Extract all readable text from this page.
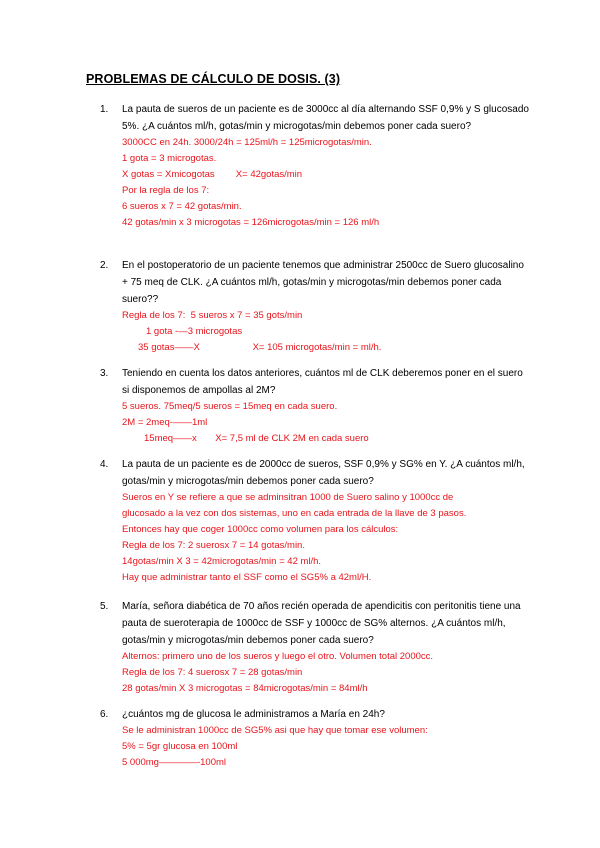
PROBLEMAS DE CÁLCULO DE DOSIS. (3)
1.	La pauta de sueros de un paciente es de 3000cc al día alternando SSF 0,9% y S glucosado 5%. ¿A cuántos ml/h, gotas/min y microgotas/min debemos poner cada suero?
3000CC en 24h. 3000/24h = 125ml/h = 125microgotas/min.
1 gota = 3 microgotas.
X gotas = Xmicogotas        X= 42gotas/min
Por la regla de los 7:
6 sueros x 7 = 42 gotas/min.
42 gotas/min x 3 microgotas = 126microgotas/min = 126 ml/h
2.	En el postoperatorio de un paciente tenemos que administrar 2500cc de Suero glucosalino + 75 meq de CLK. ¿A cuántos ml/h, gotas/min y microgotas/min debemos poner cada suero??
Regla de los 7:  5 sueros x 7 = 35 gots/min
1 gota -—3 microgotas
35 gotas——X                    X= 105 microgotas/min = ml/h.
3.	Teniendo en cuenta los datos anteriores, cuántos ml de CLK deberemos poner en el suero si disponemos de ampollas al 2M?
5 sueros. 75meq/5 sueros = 15meq en cada suero.
2M = 2meq-——1ml
15meq——x       X= 7,5 ml de CLK 2M en cada suero
4.	La pauta de un paciente es de 2000cc de sueros, SSF 0,9% y SG% en Y. ¿A cuántos ml/h, gotas/min y microgotas/min debemos poner cada suero?
Sueros en Y se refiere a que se adminsitran 1000 de Suero salino y 1000cc de
glucosado a la vez con dos sistemas, uno en cada entrada de la llave de 3 pasos.
Entonces hay que coger 1000cc como volumen para los cálculos:
Regla de los 7: 2 suerosx 7 = 14 gotas/min.
14gotas/min X 3 = 42microgotas/min = 42 ml/h.
Hay que administrar tanto el SSF como el SG5% a 42ml/H.
5.	María, señora diabética de 70 años recién operada de apendicitis con peritonitis tiene una pauta de sueroterapia de 1000cc de SSF y 1000cc de SG% alternos. ¿A cuántos ml/h, gotas/min y microgotas/min debemos poner cada suero?
Alternos: primero uno de los sueros y luego el otro. Volumen total 2000cc.
Regla de los 7: 4 suerosx 7 = 28 gotas/min
28 gotas/min X 3 microgotas = 84microgotas/min = 84ml/h
6.	¿cuántos mg de glucosa le administramos a María en 24h?
Se le administran 1000cc de SG5% asi que hay que tomar ese volumen:
5% = 5gr glucosa en 100ml
5 000mg————-100ml
